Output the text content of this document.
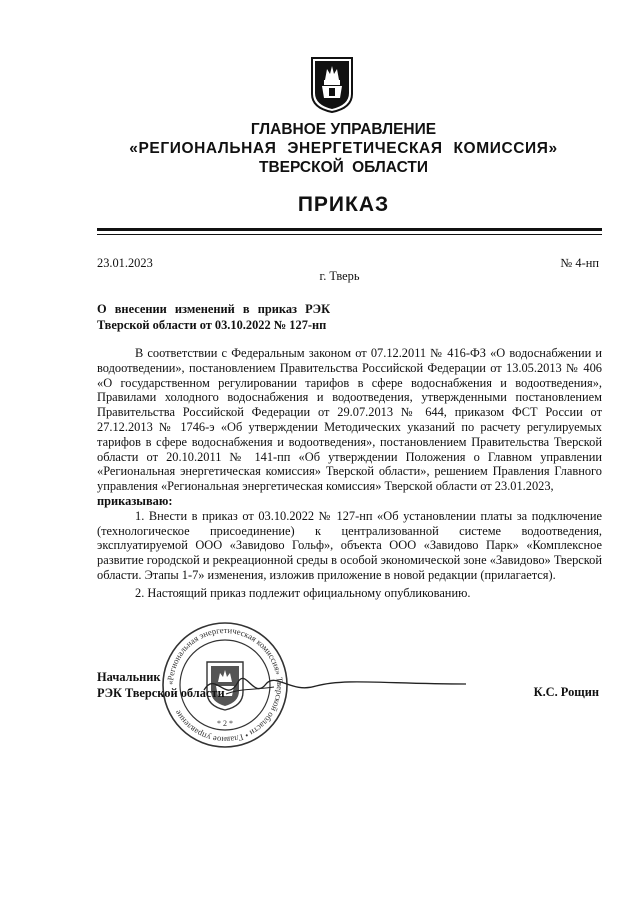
ГЛАВНОЕ УПРАВЛЕНИЕ
«РЕГИОНАЛЬНАЯ ЭНЕРГЕТИЧЕСКАЯ КОМИССИЯ»
ТВЕРСКОЙ ОБЛАСТИ
ПРИКАЗ
23.01.2023	№ 4-нп
г. Тверь
О внесении изменений в приказ РЭК
Тверской области от 03.10.2022 № 127-нп

В соответствии с Федеральным законом от 07.12.2011 № 416-ФЗ «О водоснабжении и водоотведении», постановлением Правительства Российской Федерации от 13.05.2013 № 406 «О государственном регулировании тарифов в сфере водоснабжения и водоотведения», Правилами холодного водоснабжения и водоотведения, утвержденными постановлением Правительства Российской Федерации от 29.07.2013 № 644, приказом ФСТ России от 27.12.2013 № 1746-э «Об утверждении Методических указаний по расчету регулируемых тарифов в сфере водоснабжения и водоотведения», постановлением Правительства Тверской области от 20.10.2011 № 141-пп «Об утверждении Положения о Главном управлении «Региональная энергетическая комиссия» Тверской области», решением Правления Главного управления «Региональная энергетическая комиссия» Тверской области от 23.01.2023,

приказываю:

1. Внести в приказ от 03.10.2022 № 127-нп «Об установлении платы за подключение (технологическое присоединение) к централизованной системе водоотведения, эксплуатируемой ООО «Завидово Гольф», объекта ООО «Завидово Парк» «Комплексное развитие городской и рекреационной среды в особой экономической зоне «Завидово» Тверской области. Этапы 1-7» изменения, изложив приложение в новой редакции (прилагается).

2. Настоящий приказ подлежит официальному опубликованию.

«Региональная энергетическая комиссия» Тверской области • Главное управление
* 2 *
Начальник
РЭК Тверской области	К.С. Рощин
